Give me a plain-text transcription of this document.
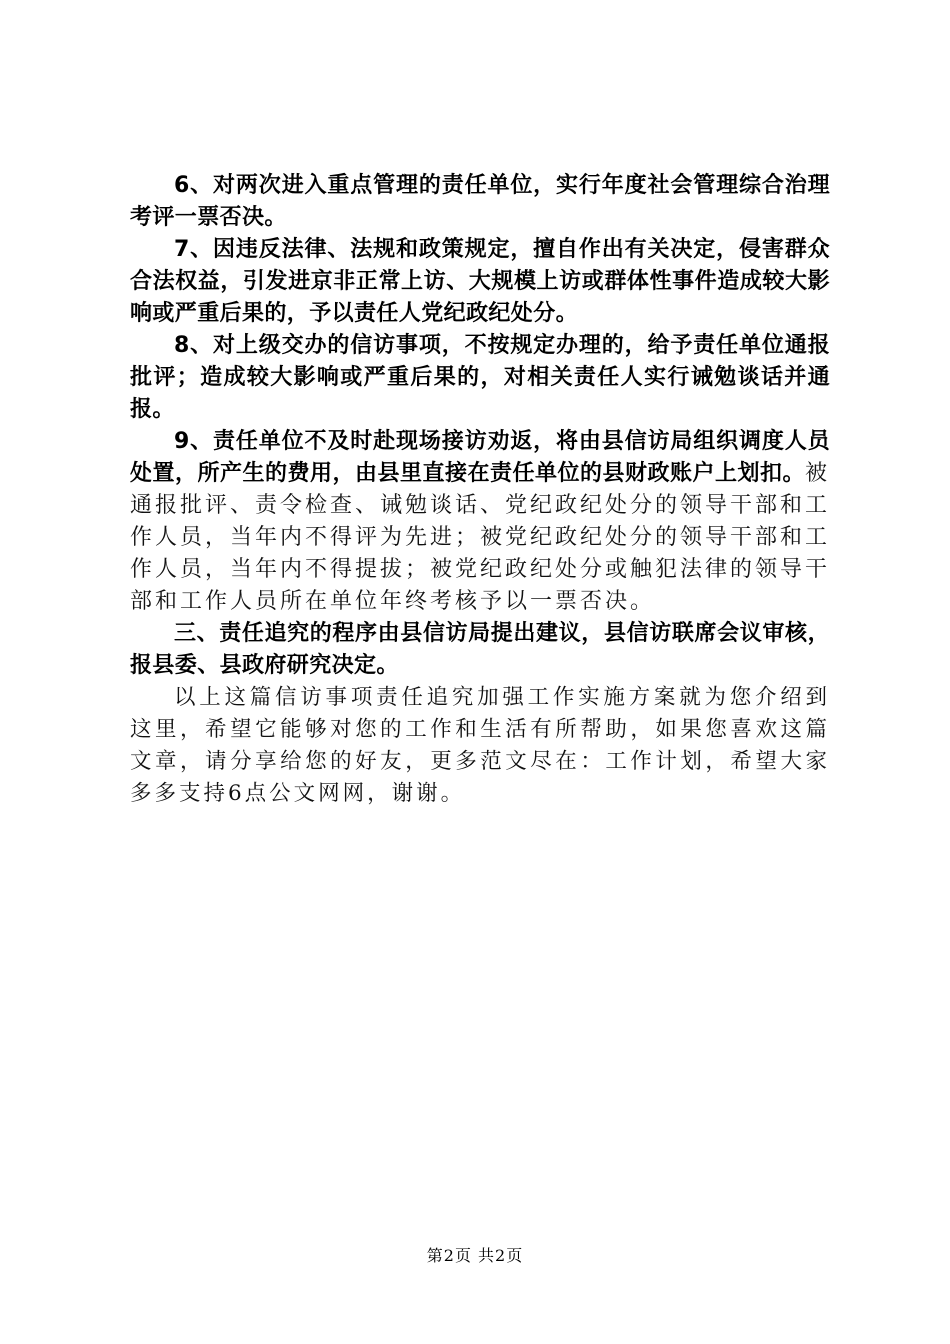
6、对两次进入重点管理的责任单位，实行年度社会管理综合治理考评一票否决。

7、因违反法律、法规和政策规定，擅自作出有关决定，侵害群众合法权益，引发进京非正常上访、大规模上访或群体性事件造成较大影响或严重后果的，予以责任人党纪政纪处分。

8、对上级交办的信访事项，不按规定办理的，给予责任单位通报批评；造成较大影响或严重后果的，对相关责任人实行诫勉谈话并通报。

9、责任单位不及时赴现场接访劝返，将由县信访局组织调度人员处置，所产生的费用，由县里直接在责任单位的县财政账户上划扣。被通报批评、责令检查、诫勉谈话、党纪政纪处分的领导干部和工作人员，当年内不得评为先进；被党纪政纪处分的领导干部和工作人员，当年内不得提拔；被党纪政纪处分或触犯法律的领导干部和工作人员所在单位年终考核予以一票否决。

三、责任追究的程序由县信访局提出建议，县信访联席会议审核，报县委、县政府研究决定。

以上这篇信访事项责任追究加强工作实施方案就为您介绍到这里，希望它能够对您的工作和生活有所帮助，如果您喜欢这篇文章，请分享给您的好友，更多范文尽在：工作计划，希望大家多多支持6点公文网网，谢谢。

第2页 共2页
